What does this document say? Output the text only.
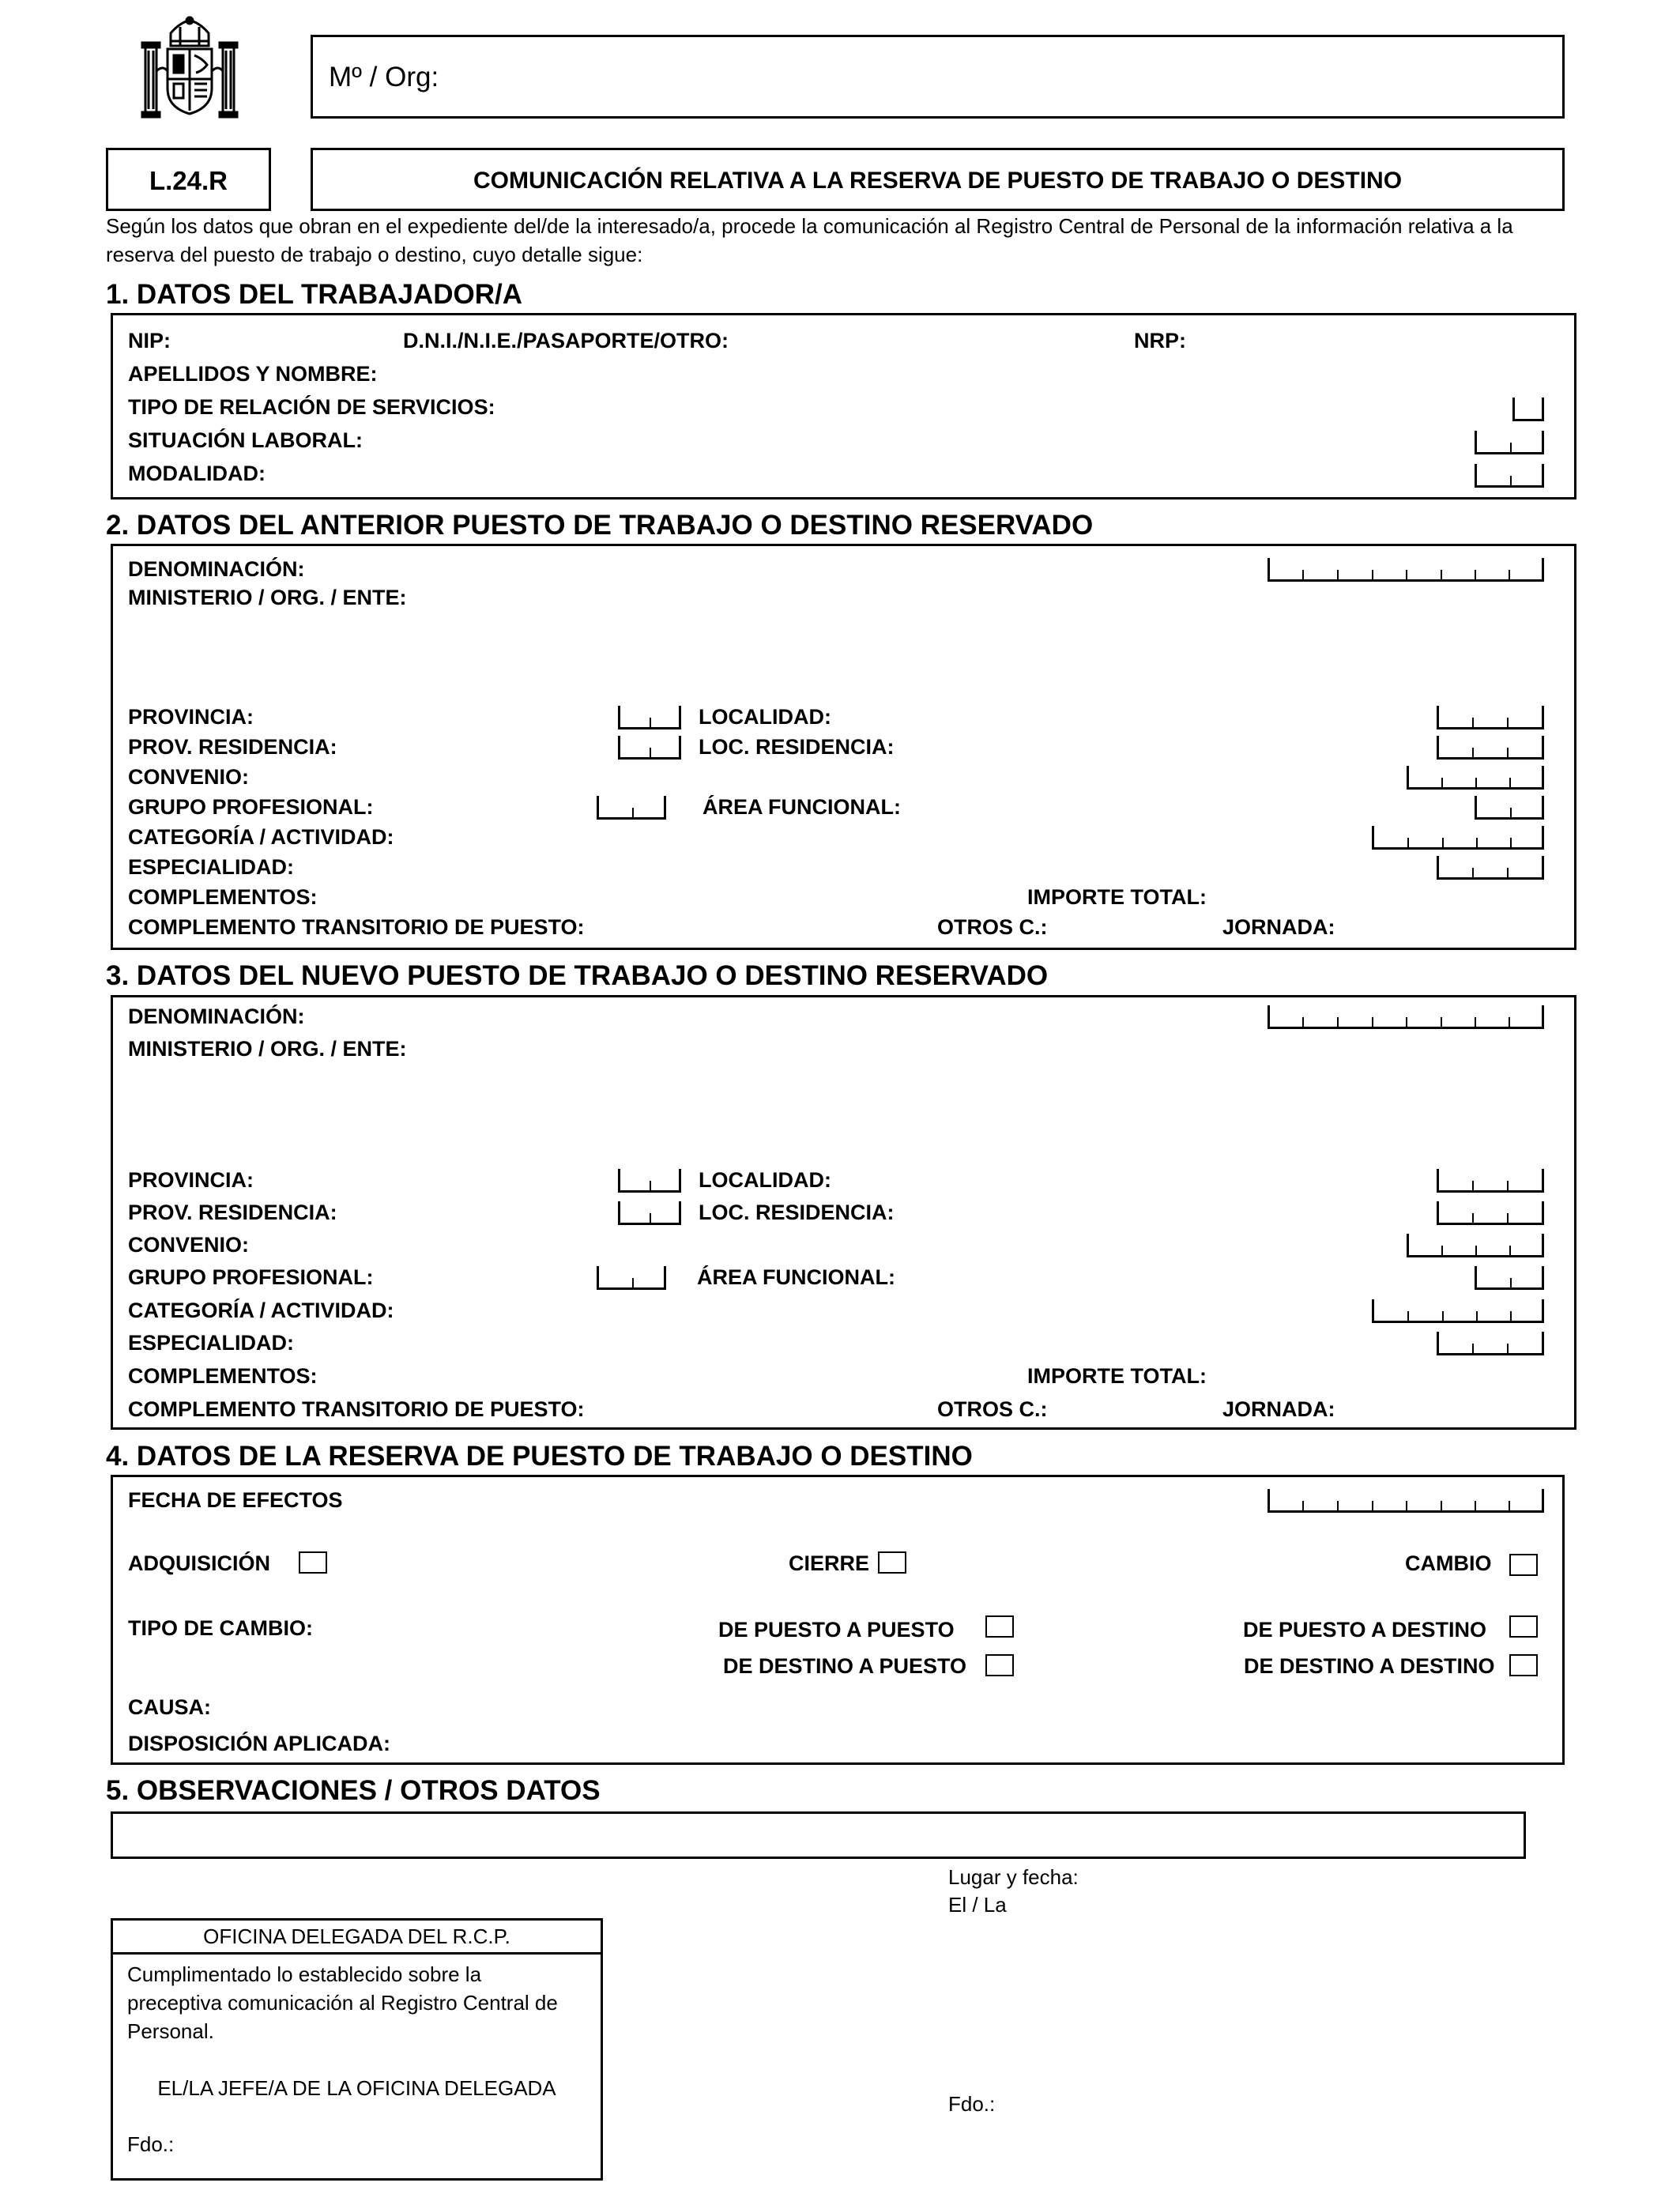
Mº / Org:
L.24.R	COMUNICACIÓN RELATIVA A LA RESERVA DE PUESTO DE TRABAJO O DESTINO
Según los datos que obran en el expediente del/de la interesado/a, procede la comunicación al Registro Central de Personal de la información relativa a la
reserva del puesto de trabajo o destino, cuyo detalle sigue:
1. DATOS DEL TRABAJADOR/A
NIP:	D.N.I./N.I.E./PASAPORTE/OTRO:	NRP:
APELLIDOS Y NOMBRE:
TIPO DE RELACIÓN DE SERVICIOS:
SITUACIÓN LABORAL:
MODALIDAD:
2. DATOS DEL ANTERIOR PUESTO DE TRABAJO O DESTINO RESERVADO
DENOMINACIÓN:
MINISTERIO / ORG. / ENTE:
PROVINCIA:	LOCALIDAD:
PROV. RESIDENCIA:	LOC. RESIDENCIA:
CONVENIO:
GRUPO PROFESIONAL:	ÁREA FUNCIONAL:
CATEGORÍA / ACTIVIDAD:
ESPECIALIDAD:
COMPLEMENTOS:	IMPORTE TOTAL:
COMPLEMENTO TRANSITORIO DE PUESTO:	OTROS C.:	JORNADA:
3. DATOS DEL NUEVO PUESTO DE TRABAJO O DESTINO RESERVADO
DENOMINACIÓN:
MINISTERIO / ORG. / ENTE:
PROVINCIA:	LOCALIDAD:
PROV. RESIDENCIA:	LOC. RESIDENCIA:
CONVENIO:
GRUPO PROFESIONAL:	ÁREA FUNCIONAL:
CATEGORÍA / ACTIVIDAD:
ESPECIALIDAD:
COMPLEMENTOS:	IMPORTE TOTAL:
COMPLEMENTO TRANSITORIO DE PUESTO:	OTROS C.:	JORNADA:
4. DATOS DE LA RESERVA DE PUESTO DE TRABAJO O DESTINO
FECHA DE EFECTOS
ADQUISICIÓN	CIERRE	CAMBIO
TIPO DE CAMBIO:	DE PUESTO A PUESTO	DE PUESTO A DESTINO
DE DESTINO A PUESTO	DE DESTINO A DESTINO
CAUSA:
DISPOSICIÓN APLICADA:
5. OBSERVACIONES / OTROS DATOS
Lugar y fecha:
El / La
Fdo.:
OFICINA DELEGADA DEL R.C.P.
Cumplimentado lo establecido sobre la
preceptiva comunicación al Registro Central de
Personal.
EL/LA JEFE/A DE LA OFICINA DELEGADA
Fdo.:
